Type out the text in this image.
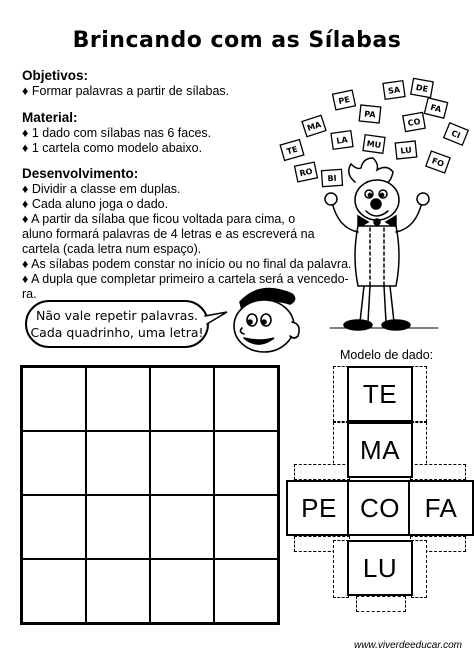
Brincando com as Sílabas
Objetivos:
♦ Formar palavras a partir de sílabas.
Material:
♦ 1 dado com sílabas nas 6 faces.
♦ 1 cartela como modelo abaixo.
Desenvolvimento:
♦ Dividir a classe em duplas.
♦ Cada aluno joga o dado.
♦ A partir da sílaba que ficou voltada para cima, o
aluno formará palavras de 4 letras e as escreverá na
cartela (cada letra num espaço).
♦ As sílabas podem constar no início ou no final da palavra.
♦ A dupla que completar primeiro a cartela será a vencedo-
ra.
PE
SA DE
FA
PA
CO
MA
LA MU
LU
CI
TE
RO
BI
FO
Não vale repetir palavras.
Cada quadrinho, uma letra!
Modelo de dado:
TE
MA
PE CO FA
LU
www.viverdeeducar.com
